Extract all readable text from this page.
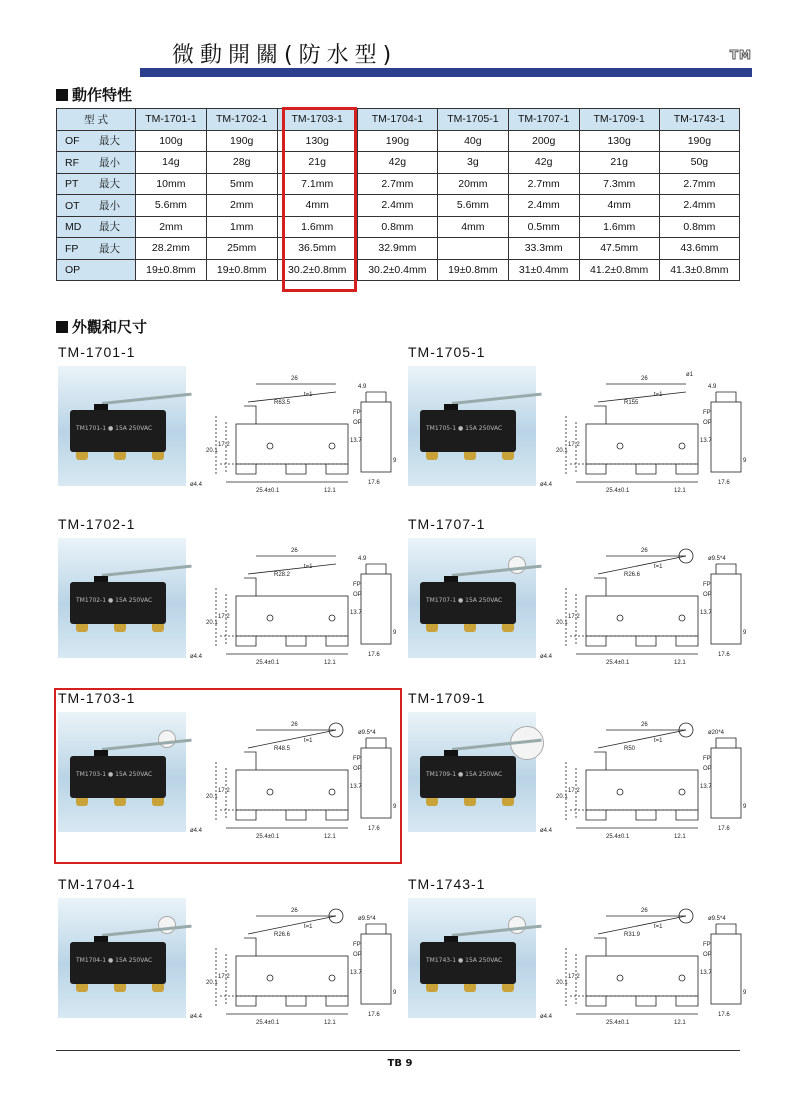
微動開關(防水型)	TM
動作特性
型 式	TM-1701-1	TM-1702-1	TM-1703-1	TM-1704-1	TM-1705-1	TM-1707-1	TM-1709-1	TM-1743-1
OF 最大	100g	190g	130g	190g	40g	200g	130g	190g
RF 最小	14g	28g	21g	42g	3g	42g	21g	50g
PT 最大	10mm	5mm	7.1mm	2.7mm	20mm	2.7mm	7.3mm	2.7mm
OT 最小	5.6mm	2mm	4mm	2.4mm	5.6mm	2.4mm	4mm	2.4mm
MD 最大	2mm	1mm	1.6mm	0.8mm	4mm	0.5mm	1.6mm	0.8mm
FP 最大	28.2mm	25mm	36.5mm	32.9mm		33.3mm	47.5mm	43.6mm
OP	19±0.8mm	19±0.8mm	30.2±0.8mm	30.2±0.4mm	19±0.8mm	31±0.4mm	41.2±0.8mm	41.3±0.8mm
外觀和尺寸
TM-1701-1
TM1701-1 ● 15A 250VAC
26
t=1
R63.5
4.9
20.1
17.2
13.7
OP
FP
ø4.4
25.4±0.1	12.1
17.6
9
TM-1705-1
TM1705-1 ● 15A 250VAC
26
t=1
R155
4.9
20.1
17.2
13.7
OP
FP
ø4.4
25.4±0.1	12.1
17.6
9
ø1
TM-1702-1
TM1702-1 ● 15A 250VAC
26
t=1
R28.2
4.9
20.1
17.2
13.7
OP
FP
ø4.4
25.4±0.1	12.1
17.6
9
TM-1707-1
TM1707-1 ● 15A 250VAC
26
t=1
R26.6
ø9.5*4
20.1
17.2
13.7
OP
FP
ø4.4
25.4±0.1	12.1
17.6
9
TM-1703-1
TM1703-1 ● 15A 250VAC
26
t=1
R48.5
ø9.5*4
20.1
17.2
13.7
OP
FP
ø4.4
25.4±0.1	12.1
17.6
9
TM-1709-1
TM1709-1 ● 15A 250VAC
26
t=1
R50
ø20*4
20.1
17.2
13.7
OP
FP
ø4.4
25.4±0.1	12.1
17.6
9
TM-1704-1
TM1704-1 ● 15A 250VAC
26
t=1
R26.6
ø9.5*4
20.1
17.2
13.7
OP
FP
ø4.4
25.4±0.1	12.1
17.6
9
TM-1743-1
TM1743-1 ● 15A 250VAC
26
t=1
R31.9
ø9.5*4
20.1
17.2
13.7
OP
FP
ø4.4
25.4±0.1	12.1
17.6
9
TB 9
